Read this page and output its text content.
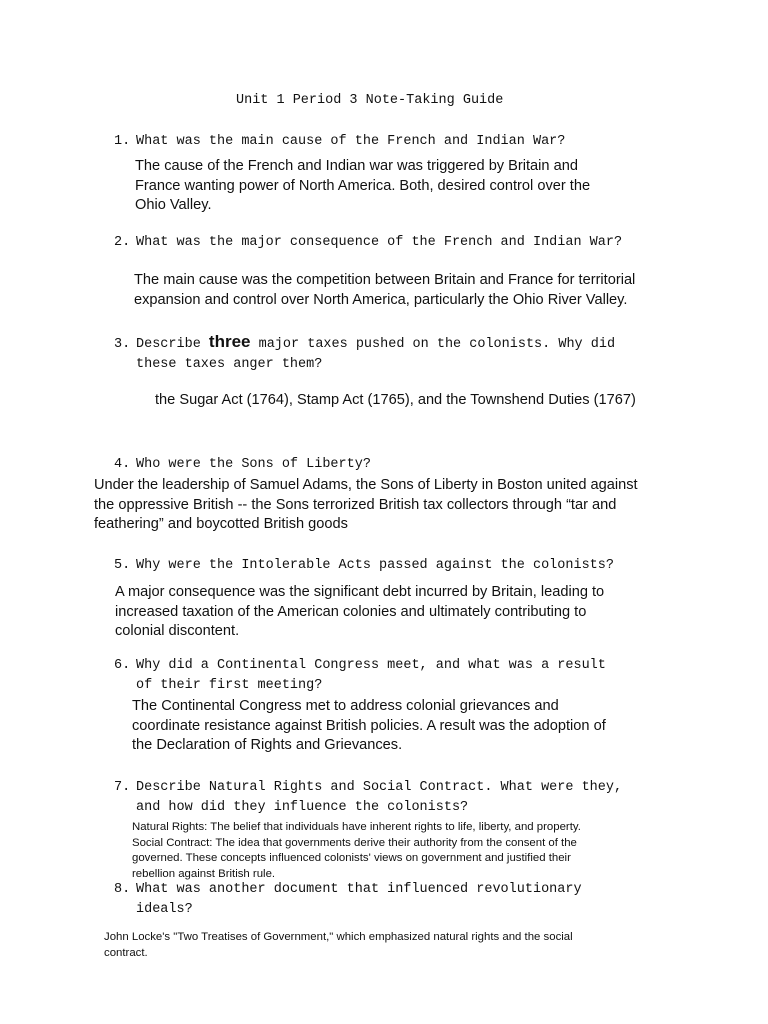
Unit 1 Period 3 Note-Taking Guide
1. What was the main cause of the French and Indian War?
The cause of the French and Indian war was triggered by Britain and
France wanting power of North America. Both, desired control over the
Ohio Valley.
2. What was the major consequence of the French and Indian War?
The main cause was the competition between Britain and France for territorial
expansion and control over North America, particularly the Ohio River Valley.
3. Describe three major taxes pushed on the colonists. Why did
these taxes anger them?
the Sugar Act (1764), Stamp Act (1765), and the Townshend Duties (1767)
4. Who were the Sons of Liberty?
Under the leadership of Samuel Adams, the Sons of Liberty in Boston united against
the oppressive British -- the Sons terrorized British tax collectors through “tar and
feathering” and boycotted British goods
5. Why were the Intolerable Acts passed against the colonists?
A major consequence was the significant debt incurred by Britain, leading to
increased taxation of the American colonies and ultimately contributing to
colonial discontent.
6. Why did a Continental Congress meet, and what was a result
of their first meeting?
The Continental Congress met to address colonial grievances and
coordinate resistance against British policies. A result was the adoption of
the Declaration of Rights and Grievances.
7. Describe Natural Rights and Social Contract. What were they,
and how did they influence the colonists?
Natural Rights: The belief that individuals have inherent rights to life, liberty, and property.
Social Contract: The idea that governments derive their authority from the consent of the
governed. These concepts influenced colonists' views on government and justified their
rebellion against British rule.
8. What was another document that influenced revolutionary
ideals?
John Locke's "Two Treatises of Government," which emphasized natural rights and the social
contract.
